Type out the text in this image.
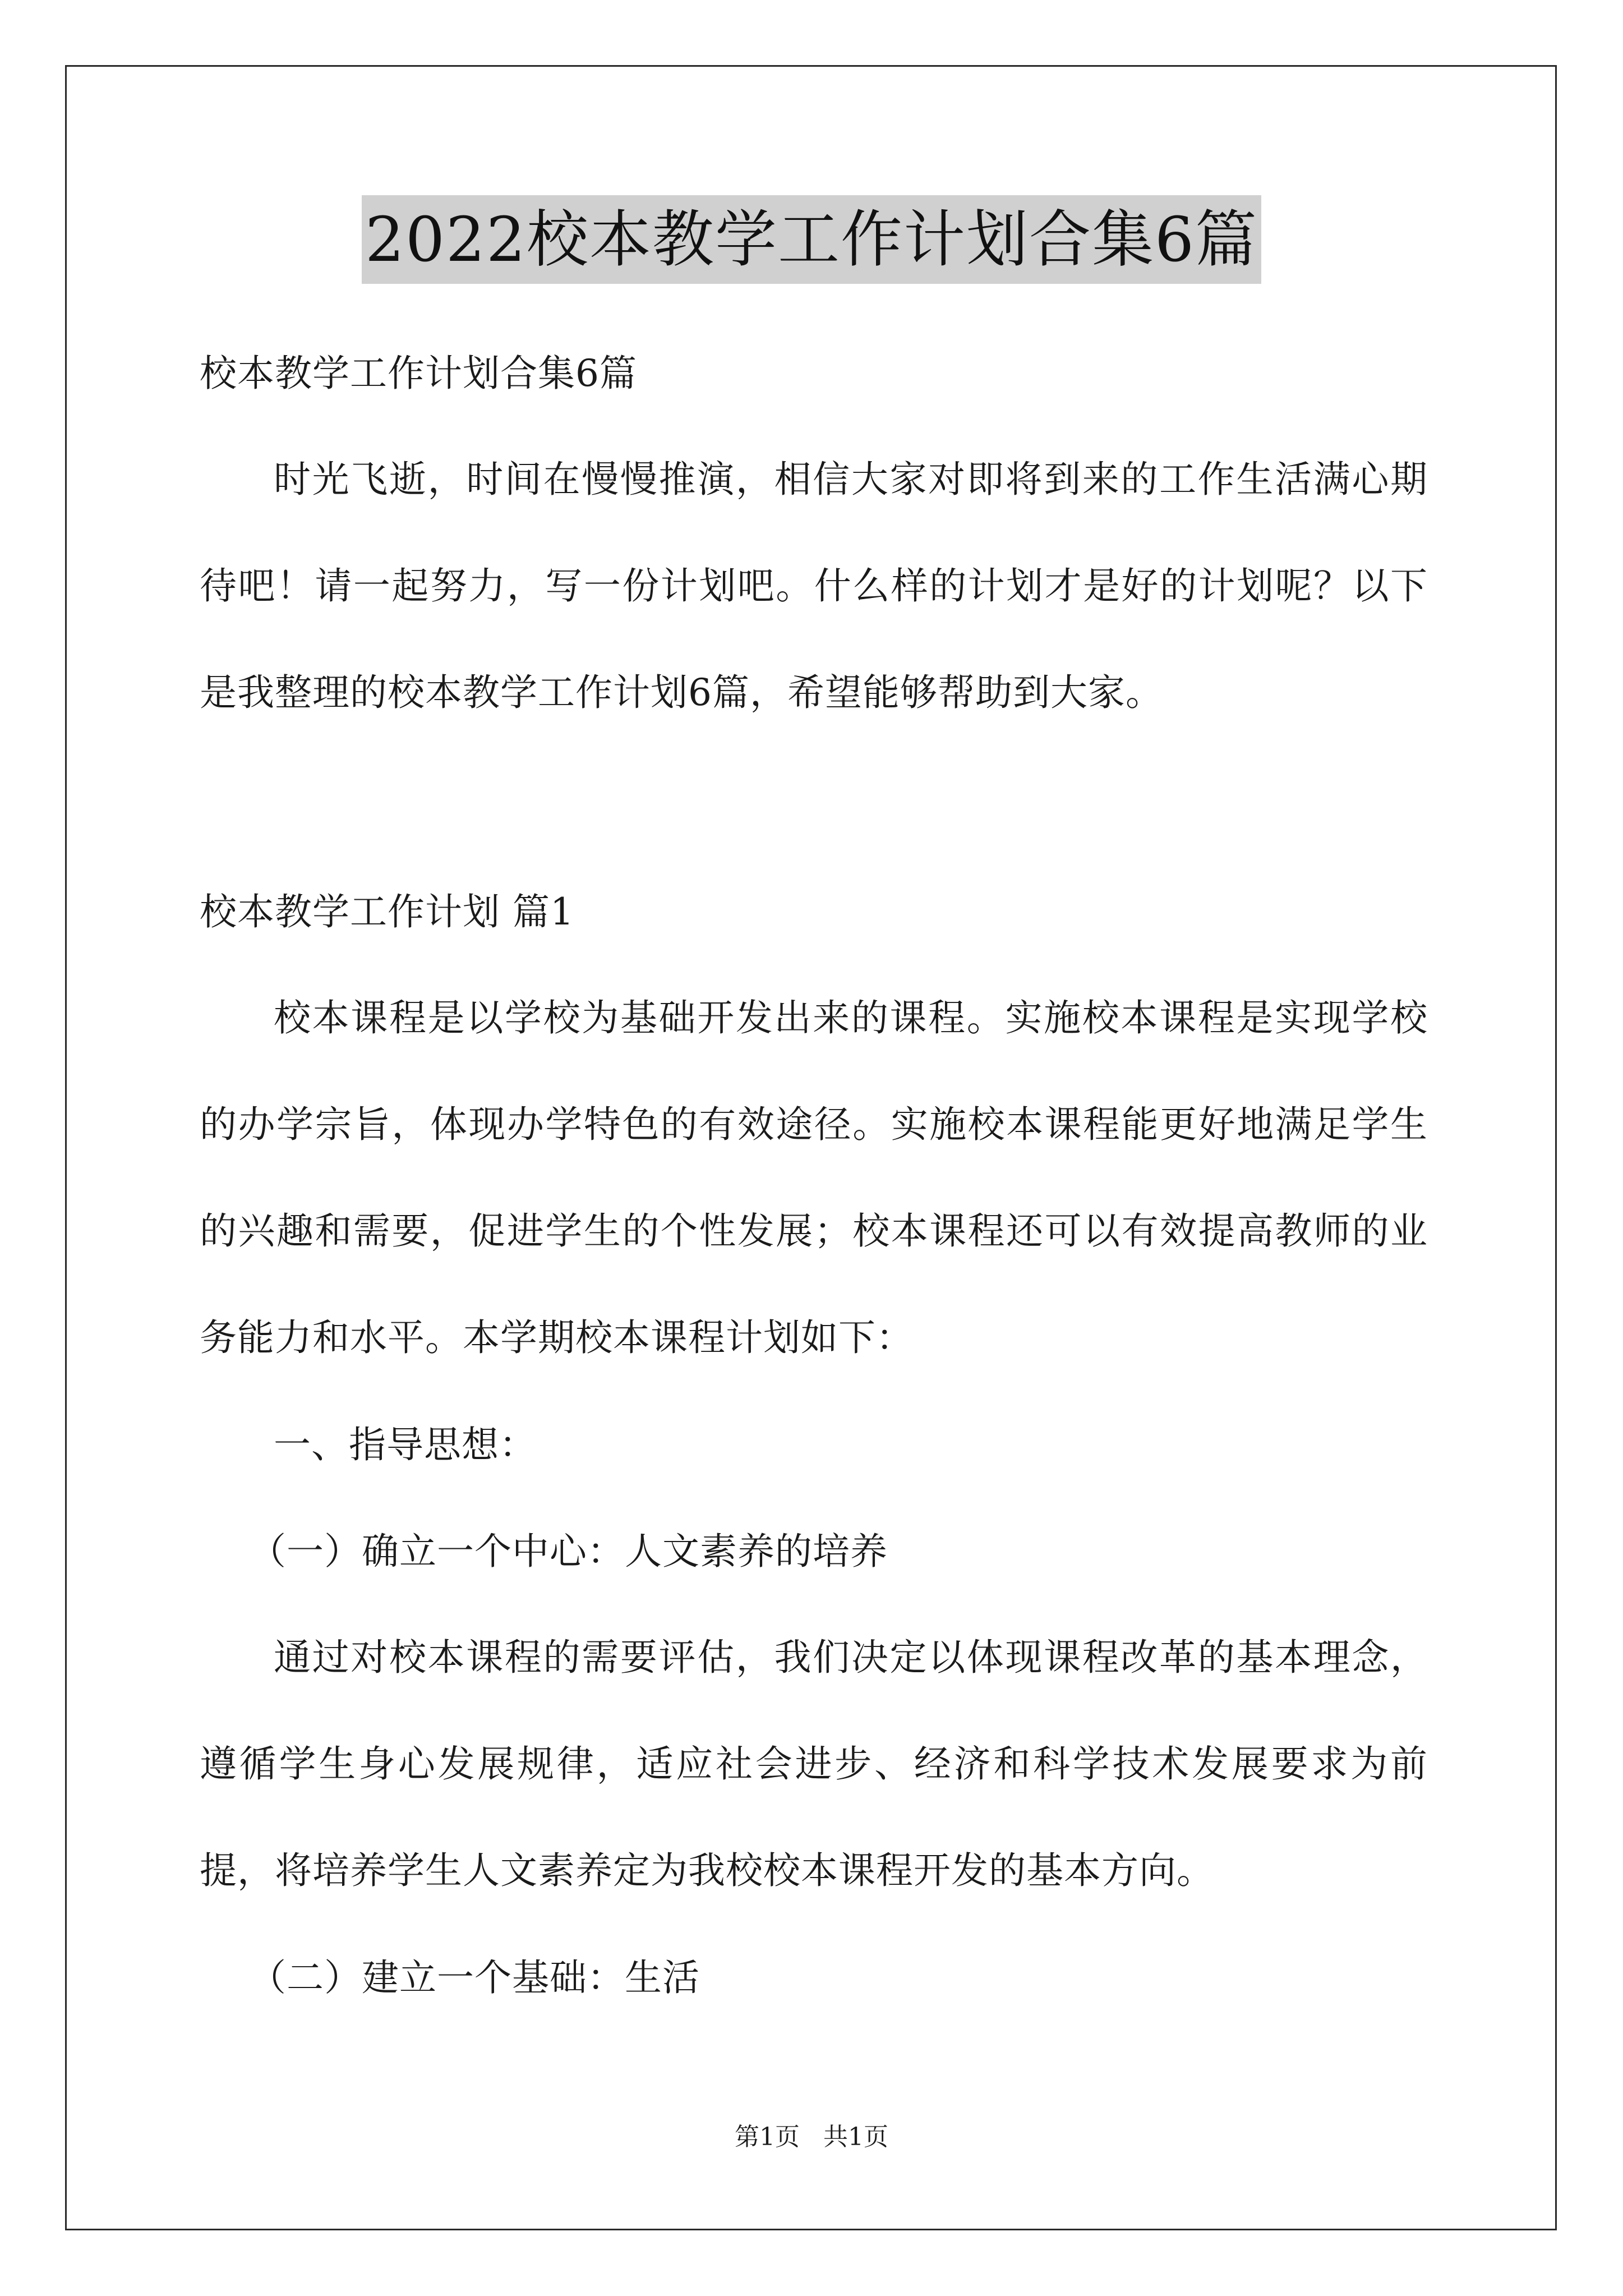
2022校本教学工作计划合集6篇

校本教学工作计划合集6篇

时光飞逝，时间在慢慢推演，相信大家对即将到来的工作生活满心期待吧！请一起努力，写一份计划吧。什么样的计划才是好的计划呢？以下是我整理的校本教学工作计划6篇，希望能够帮助到大家。

校本教学工作计划 篇1

校本课程是以学校为基础开发出来的课程。实施校本课程是实现学校的办学宗旨，体现办学特色的有效途径。实施校本课程能更好地满足学生的兴趣和需要，促进学生的个性发展；校本课程还可以有效提高教师的业务能力和水平。本学期校本课程计划如下：

一、指导思想：

（一）确立一个中心：人文素养的培养

通过对校本课程的需要评估，我们决定以体现课程改革的基本理念，遵循学生身心发展规律，适应社会进步、经济和科学技术发展要求为前提，将培养学生人文素养定为我校校本课程开发的基本方向。

（二）建立一个基础：生活

第1页 共1页
